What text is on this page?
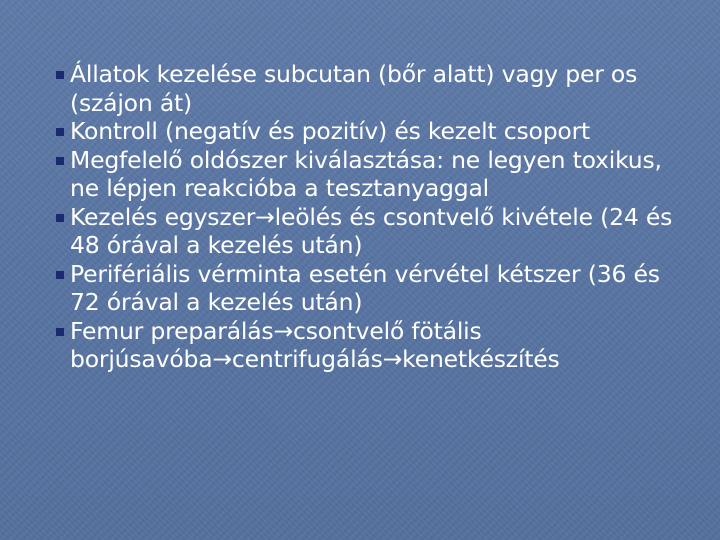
Állatok kezelése subcutan (bőr alatt) vagy per os (szájon át)
Kontroll (negatív és pozitív) és kezelt csoport
Megfelelő oldószer kiválasztása: ne legyen toxikus, ne lépjen reakcióba a tesztanyaggal
Kezelés egyszer→leölés és csontvelő kivétele (24 és 48 órával a kezelés után)
Perifériális vérminta esetén vérvétel kétszer (36 és 72 órával a kezelés után)
Femur preparálás→csontvelő fötális borjúsavóba→centrifugálás→kenetkészítés
